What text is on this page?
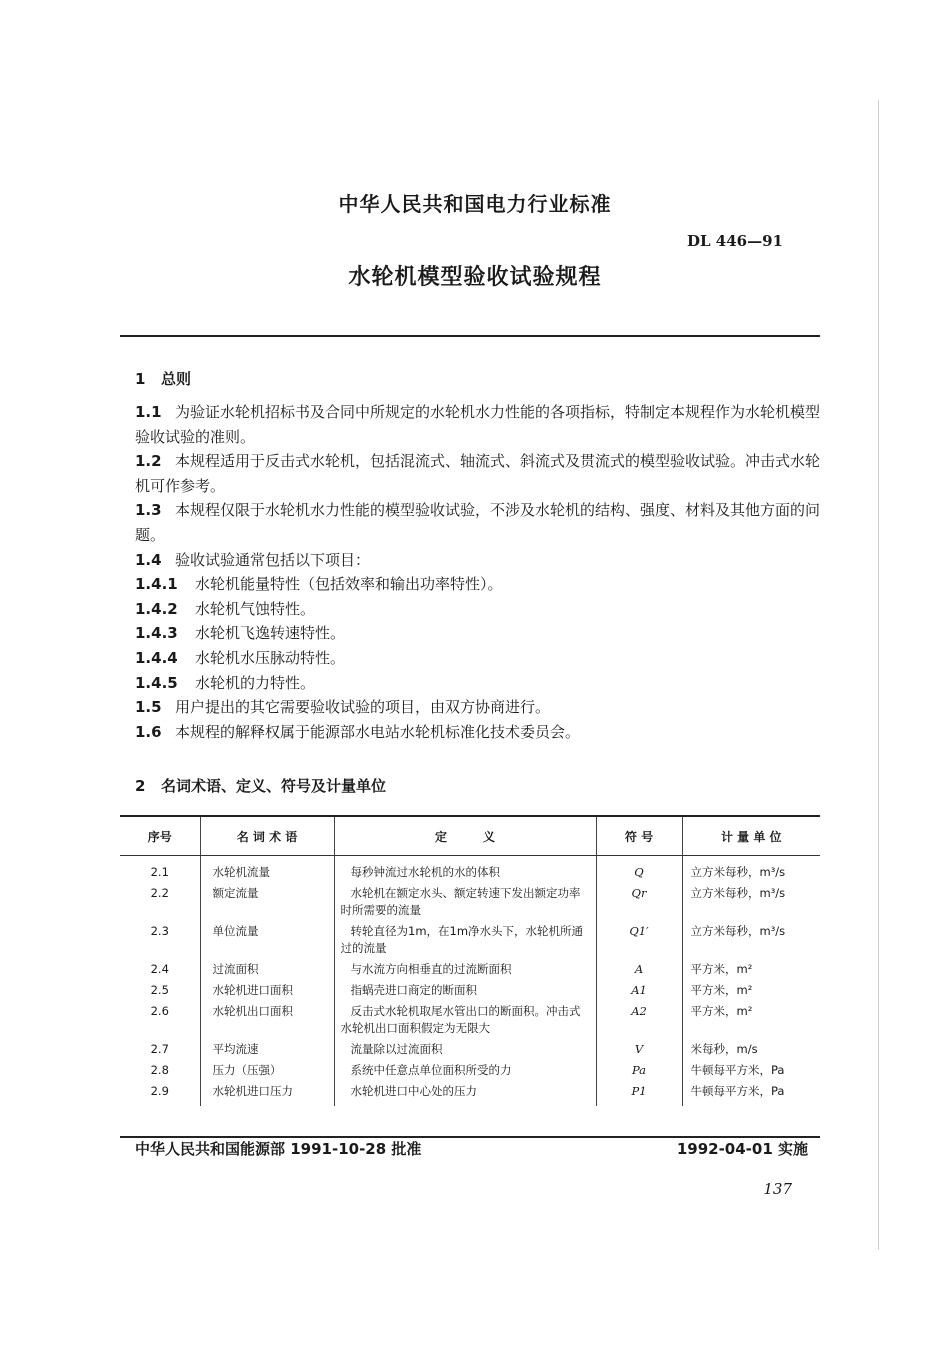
中华人民共和国电力行业标准
DL 446—91
水轮机模型验收试验规程
1 总则
1.1 为验证水轮机招标书及合同中所规定的水轮机水力性能的各项指标，特制定本规程作为水轮机模型验收试验的准则。
1.2 本规程适用于反击式水轮机，包括混流式、轴流式、斜流式及贯流式的模型验收试验。冲击式水轮机可作参考。
1.3 本规程仅限于水轮机水力性能的模型验收试验，不涉及水轮机的结构、强度、材料及其他方面的问题。
1.4 验收试验通常包括以下项目：
1.4.1 水轮机能量特性（包括效率和输出功率特性）。
1.4.2 水轮机气蚀特性。
1.4.3 水轮机飞逸转速特性。
1.4.4 水轮机水压脉动特性。
1.4.5 水轮机的力特性。
1.5 用户提出的其它需要验收试验的项目，由双方协商进行。
1.6 本规程的解释权属于能源部水电站水轮机标准化技术委员会。
2 名词术语、定义、符号及计量单位
序号	名 词 术 语	定　　　义	符 号	计 量 单 位
2.1	水轮机流量	每秒钟流过水轮机的水的体积	Q	立方米每秒，m³/s
2.2	额定流量	水轮机在额定水头、额定转速下发出额定功率时所需要的流量	Qr	立方米每秒，m³/s
2.3	单位流量	转轮直径为1m，在1m净水头下，水轮机所通过的流量	Q1′	立方米每秒，m³/s
2.4	过流面积	与水流方向相垂直的过流断面积	A	平方米，m²
2.5	水轮机进口面积	指蜗壳进口商定的断面积	A1	平方米，m²
2.6	水轮机出口面积	反击式水轮机取尾水管出口的断面积。冲击式水轮机出口面积假定为无限大	A2	平方米，m²
2.7	平均流速	流量除以过流面积	V	米每秒，m/s
2.8	压力（压强）	系统中任意点单位面积所受的力	Pa	牛顿每平方米，Pa
2.9	水轮机进口压力	水轮机进口中心处的压力	P1	牛顿每平方米，Pa
中华人民共和国能源部 1991-10-28 批准	1992-04-01 实施
137
